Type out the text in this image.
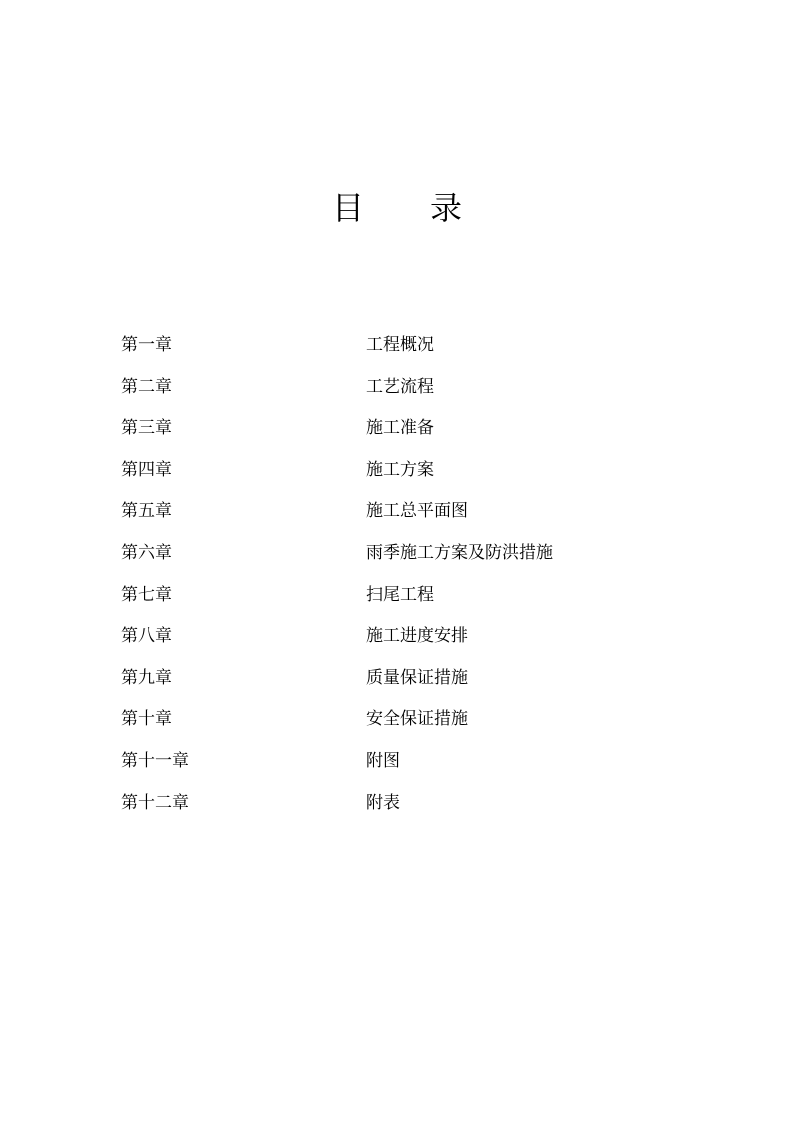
目 录
第一章	工程概况
第二章	工艺流程
第三章	施工准备
第四章	施工方案
第五章	施工总平面图
第六章	雨季施工方案及防洪措施
第七章	扫尾工程
第八章	施工进度安排
第九章	质量保证措施
第十章	安全保证措施
第十一章	附图
第十二章	附表
